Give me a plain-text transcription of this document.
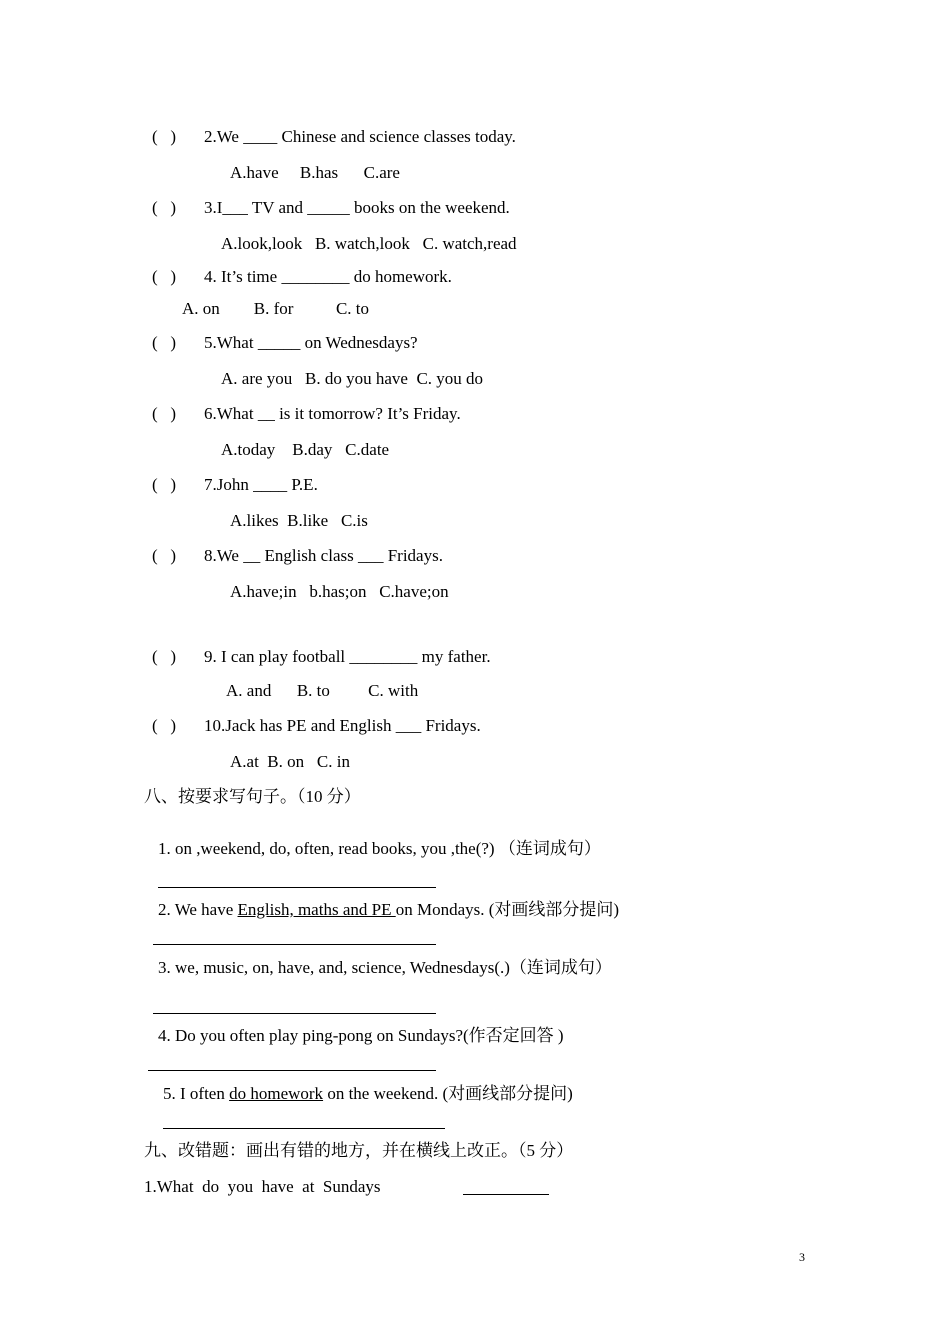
(   ) 2.We ____ Chinese and science classes today.
A.have     B.has      C.are
(   ) 3.I___ TV and _____ books on the weekend.
A.look,look   B. watch,look   C. watch,read
(   ) 4. It’s time ________ do homework.
A. on        B. for          C. to
(   ) 5.What _____ on Wednesdays?
A. are you   B. do you have  C. you do
(   ) 6.What __ is it tomorrow? It’s Friday.
A.today    B.day   C.date
(   ) 7.John ____ P.E.
A.likes  B.like   C.is
(   ) 8.We __ English class ___ Fridays.
A.have;in   b.has;on   C.have;on
(   ) 9. I can play football ________ my father.
A. and      B. to         C. with
(   ) 10.Jack has PE and English ___ Fridays.
A.at  B. on   C. in
八、按要求写句子。（10 分）
1. on ,weekend, do, often, read books, you ,the(?) （连词成句）
2. We have English, maths and PE on Mondays. (对画线部分提问)
3. we, music, on, have, and, science, Wednesdays(.)（连词成句）
4. Do you often play ping-pong on Sundays?(作否定回答 )
5. I often do homework on the weekend. (对画线部分提问)
九、改错题：画出有错的地方，并在横线上改正。（5 分）
1.What  do  you  have  at  Sundays
3
